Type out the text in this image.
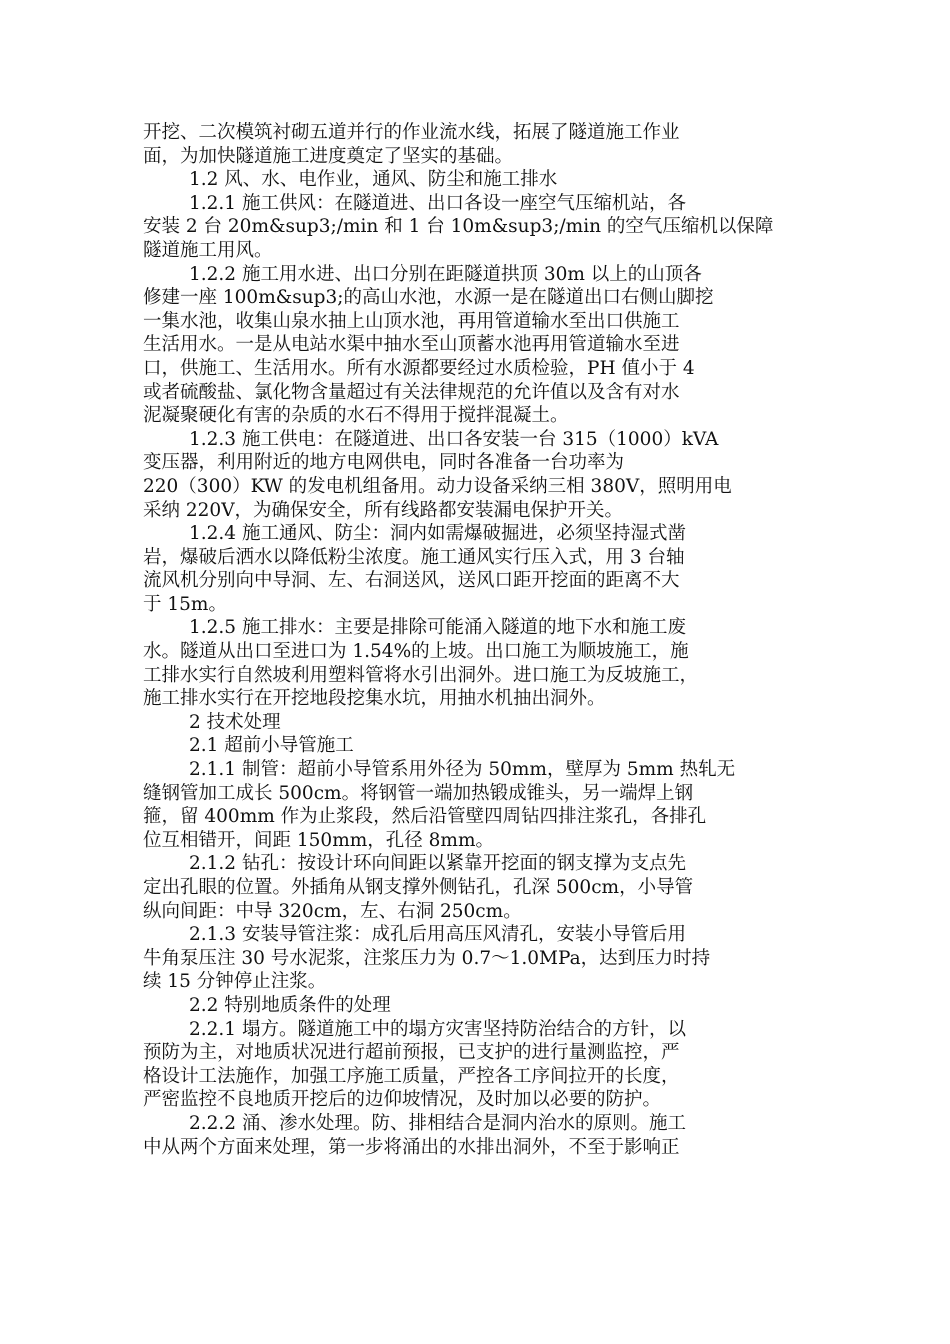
开挖、二次模筑衬砌五道并行的作业流水线，拓展了隧道施工作业
面，为加快隧道施工进度奠定了坚实的基础。
1.2 风、水、电作业，通风、防尘和施工排水
1.2.1 施工供风：在隧道进、出口各设一座空气压缩机站，各
安装 2 台 20m&sup3;/min 和 1 台 10m&sup3;/min 的空气压缩机以保障
隧道施工用风。
1.2.2 施工用水进、出口分别在距隧道拱顶 30m 以上的山顶各
修建一座 100m&sup3;的高山水池，水源一是在隧道出口右侧山脚挖
一集水池，收集山泉水抽上山顶水池，再用管道输水至出口供施工
生活用水。一是从电站水渠中抽水至山顶蓄水池再用管道输水至进
口，供施工、生活用水。所有水源都要经过水质检验，PH 值小于 4
或者硫酸盐、氯化物含量超过有关法律规范的允许值以及含有对水
泥凝聚硬化有害的杂质的水石不得用于搅拌混凝土。
1.2.3 施工供电：在隧道进、出口各安装一台 315（1000）kVA
变压器，利用附近的地方电网供电，同时各准备一台功率为
220（300）KW 的发电机组备用。动力设备采纳三相 380V，照明用电
采纳 220V，为确保安全，所有线路都安装漏电保护开关。
1.2.4 施工通风、防尘：洞内如需爆破掘进，必须坚持湿式凿
岩，爆破后洒水以降低粉尘浓度。施工通风实行压入式，用 3 台轴
流风机分别向中导洞、左、右洞送风，送风口距开挖面的距离不大
于 15m。
1.2.5 施工排水：主要是排除可能涌入隧道的地下水和施工废
水。隧道从出口至进口为 1.54%的上坡。出口施工为顺坡施工，施
工排水实行自然坡利用塑料管将水引出洞外。进口施工为反坡施工，
施工排水实行在开挖地段挖集水坑，用抽水机抽出洞外。
2 技术处理
2.1 超前小导管施工
2.1.1 制管：超前小导管系用外径为 50mm，壁厚为 5mm 热轧无
缝钢管加工成长 500cm。将钢管一端加热锻成锥头，另一端焊上钢
箍，留 400mm 作为止浆段，然后沿管壁四周钻四排注浆孔，各排孔
位互相错开，间距 150mm，孔径 8mm。
2.1.2 钻孔：按设计环向间距以紧靠开挖面的钢支撑为支点先
定出孔眼的位置。外插角从钢支撑外侧钻孔，孔深 500cm，小导管
纵向间距：中导 320cm，左、右洞 250cm。
2.1.3 安装导管注浆：成孔后用高压风清孔，安装小导管后用
牛角泵压注 30 号水泥浆，注浆压力为 0.7～1.0MPa，达到压力时持
续 15 分钟停止注浆。
2.2 特别地质条件的处理
2.2.1 塌方。隧道施工中的塌方灾害坚持防治结合的方针，以
预防为主，对地质状况进行超前预报，已支护的进行量测监控，严
格设计工法施作，加强工序施工质量，严控各工序间拉开的长度，
严密监控不良地质开挖后的边仰坡情况，及时加以必要的防护。
2.2.2 涌、渗水处理。防、排相结合是洞内治水的原则。施工
中从两个方面来处理，第一步将涌出的水排出洞外，不至于影响正
